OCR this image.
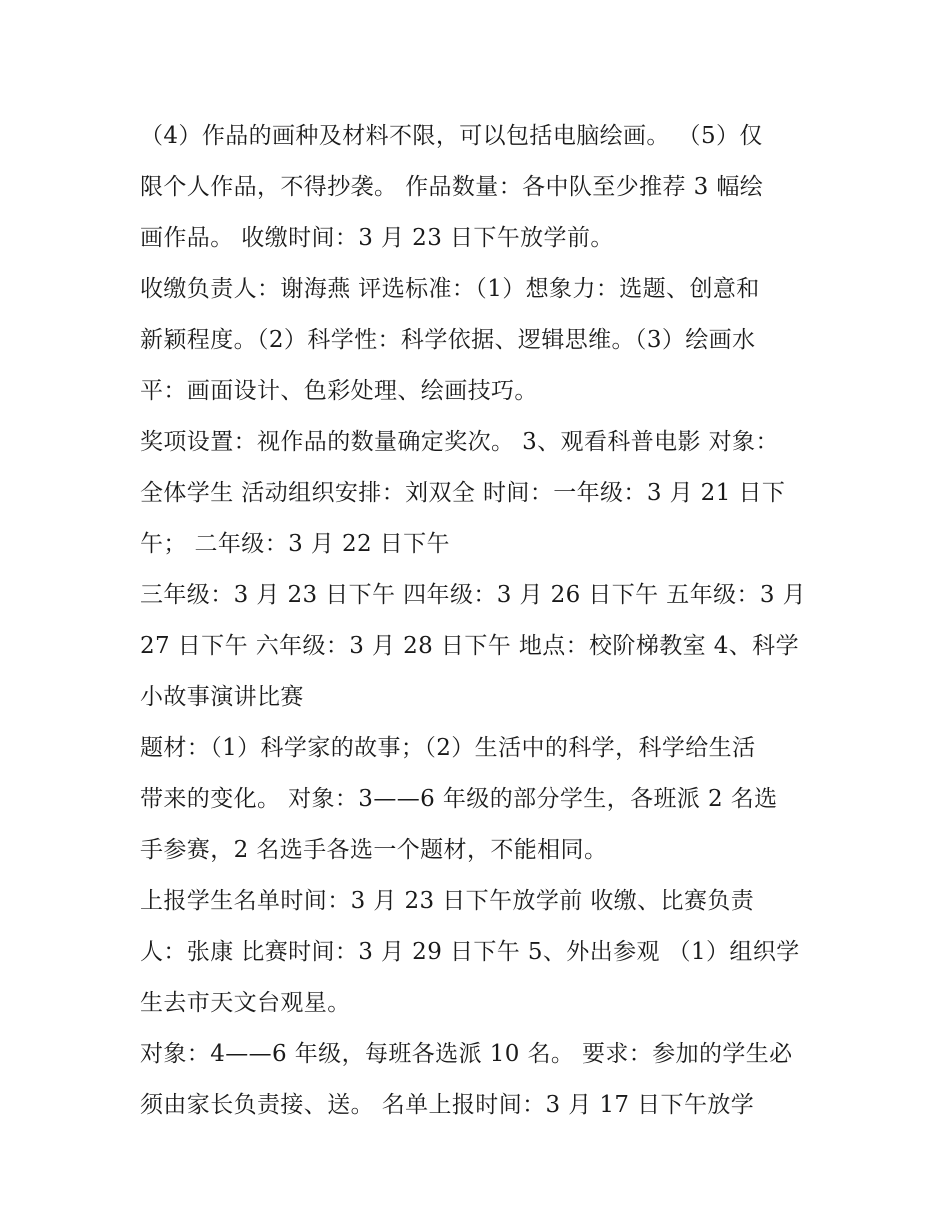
（4）作品的画种及材料不限，可以包括电脑绘画。 （5）仅
限个人作品，不得抄袭。 作品数量：各中队至少推荐 3 幅绘
画作品。 收缴时间：3 月 23 日下午放学前。
收缴负责人：谢海燕 评选标准：（1）想象力：选题、创意和
新颖程度。（2）科学性：科学依据、逻辑思维。（3）绘画水
平：画面设计、色彩处理、绘画技巧。
奖项设置：视作品的数量确定奖次。 3、观看科普电影 对象：
全体学生 活动组织安排：刘双全 时间：一年级：3 月 21 日下
午； 二年级：3 月 22 日下午
三年级：3 月 23 日下午 四年级：3 月 26 日下午 五年级：3 月
27 日下午 六年级：3 月 28 日下午 地点：校阶梯教室 4、科学
小故事演讲比赛
题材：（1）科学家的故事；（2）生活中的科学，科学给生活
带来的变化。 对象：3——6 年级的部分学生，各班派 2 名选
手参赛，2 名选手各选一个题材，不能相同。
上报学生名单时间：3 月 23 日下午放学前 收缴、比赛负责
人：张康 比赛时间：3 月 29 日下午 5、外出参观 （1）组织学
生去市天文台观星。
对象：4——6 年级，每班各选派 10 名。 要求：参加的学生必
须由家长负责接、送。 名单上报时间：3 月 17 日下午放学
